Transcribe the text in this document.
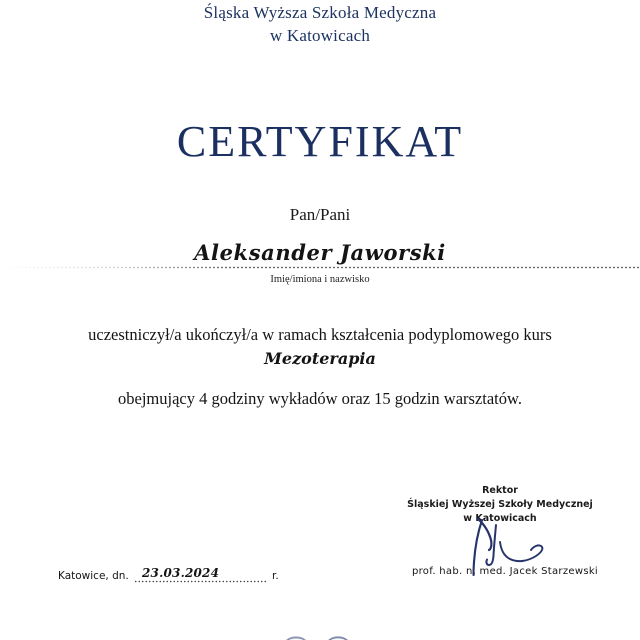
Śląska Wyższa Szkoła Medyczna
w Katowicach
CERTYFIKAT
Pan/Pani
Aleksander Jaworski
Imię/imiona i nazwisko
uczestniczył/a ukończył/a w ramach kształcenia podyplomowego kurs
Mezoterapia
obejmujący 4 godziny wykładów oraz 15 godzin warsztatów.
Rektor
Śląskiej Wyższej Szkoły Medycznej
w Katowicach
prof. hab. n. med. Jacek Starzewski
Katowice, dn. 23.03.2024	r.
